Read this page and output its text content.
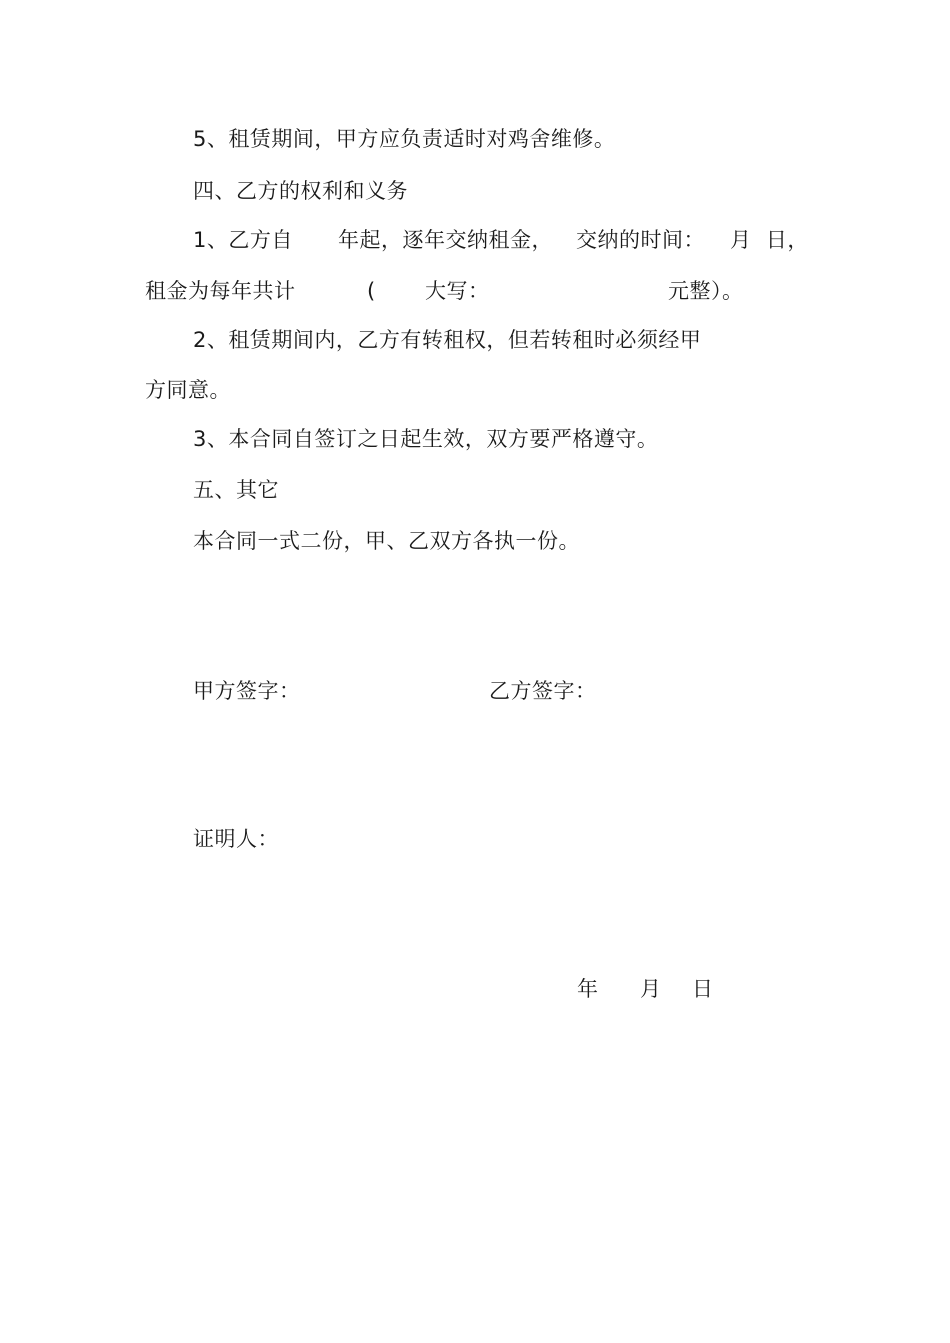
5、租赁期间，甲方应负责适时对鸡舍维修。
四、乙方的权利和义务
1、乙方自 年起，逐年交纳租金， 交纳的时间： 月  日，
租金为每年共计	( 大写：	元整）。
2、租赁期间内，乙方有转租权，但若转租时必须经甲
方同意。
3、本合同自签订之日起生效，双方要严格遵守。
五、其它
本合同一式二份，甲、乙双方各执一份。
甲方签字：	乙方签字：
证明人：
年 月 日
